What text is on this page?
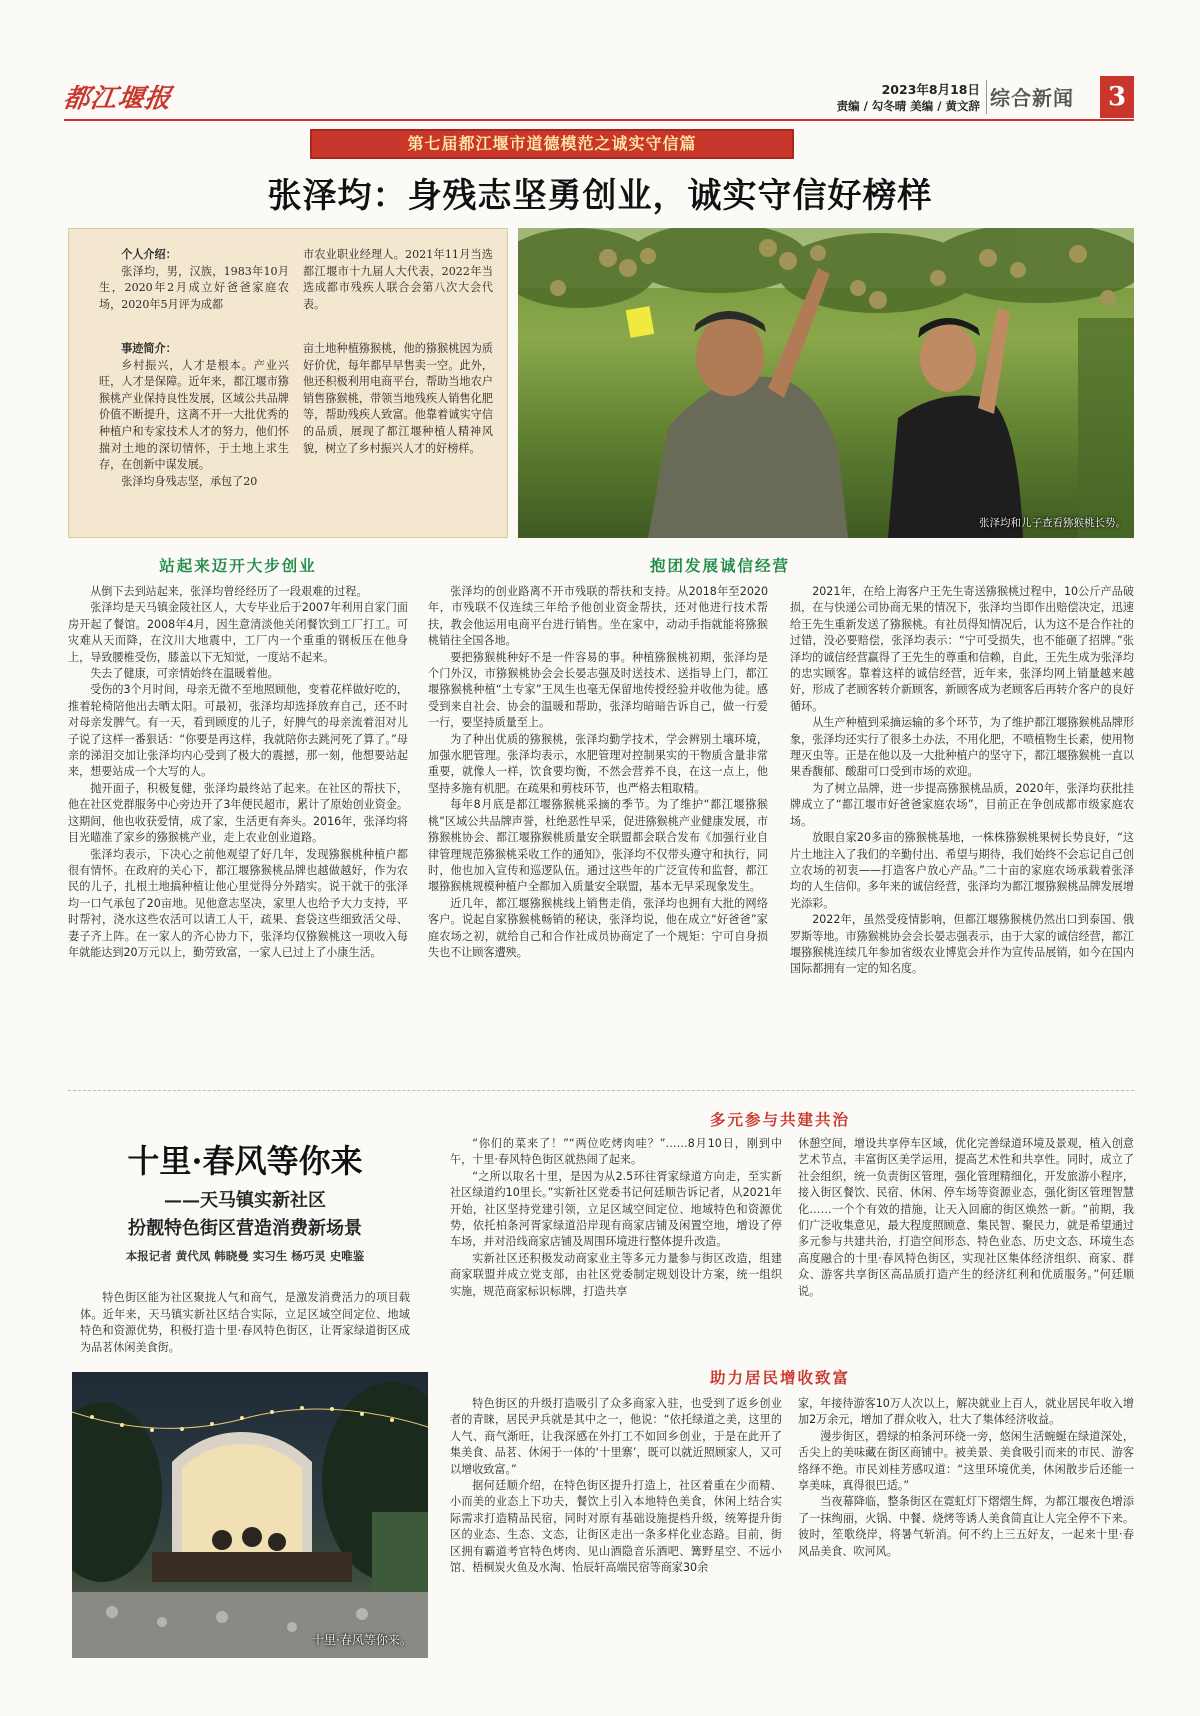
都江堰报	2023年8月18日
责编 / 勾冬晴 美编 / 黄文辞 综合新闻	3
第七届都江堰市道德模范之诚实守信篇
张泽均：身残志坚勇创业，诚实守信好榜样
个人介绍：

张泽均，男，汉族，1983年10月生，2020年2月成立好爸爸家庭农场，2020年5月评为成都

市农业职业经理人。2021年11月当选都江堰市十九届人大代表，2022年当选成都市残疾人联合会第八次大会代表。

事迹简介：

乡村振兴，人才是根本。产业兴旺，人才是保障。近年来，都江堰市猕猴桃产业保持良性发展，区域公共品牌价值不断提升，这离不开一大批优秀的种植户和专家技术人才的努力，他们怀揣对土地的深切情怀，于土地上求生存，在创新中谋发展。

张泽均身残志坚，承包了20

亩土地种植猕猴桃，他的猕猴桃因为质好价优，每年都早早售卖一空。此外，他还积极利用电商平台，帮助当地农户销售猕猴桃，带领当地残疾人销售化肥等，帮助残疾人致富。他靠着诚实守信的品质，展现了都江堰种植人精神风貌，树立了乡村振兴人才的好榜样。

张泽均和儿子查看猕猴桃长势。
站起来迈开大步创业

从倒下去到站起来，张泽均曾经经历了一段艰难的过程。

张泽均是天马镇金陵社区人，大专毕业后于2007年利用自家门面房开起了餐馆。2008年4月，因生意清淡他关闭餐饮到工厂打工。可灾难从天而降，在汶川大地震中，工厂内一个重重的钢板压在他身上，导致腰椎受伤，膝盖以下无知觉，一度站不起来。

失去了健康，可亲情始终在温暖着他。

受伤的3个月时间，母亲无微不至地照顾他，变着花样做好吃的，推着轮椅陪他出去晒太阳。可最初，张泽均却选择放弃自己，还不时对母亲发脾气。有一天，看到顾度的儿子，好脾气的母亲流着泪对儿子说了这样一番狠话：“你要是再这样，我就陪你去跳河死了算了。”母亲的涕泪交加让张泽均内心受到了极大的震撼，那一刻，他想要站起来，想要站成一个大写的人。

抛开面子，积极复健，张泽均最终站了起来。在社区的帮扶下，他在社区党群服务中心旁边开了3年便民超市，累计了原始创业资金。这期间，他也收获爱情，成了家，生活更有奔头。2016年，张泽均将目光瞄准了家乡的猕猴桃产业，走上农业创业道路。

张泽均表示，下决心之前他观望了好几年，发现猕猴桃种植户都很有情怀。在政府的关心下，都江堰猕猴桃品牌也越做越好，作为农民的儿子，扎根土地搞种植让他心里觉得分外踏实。说干就干的张泽均一口气承包了20亩地。见他意志坚决，家里人也给予大力支持，平时帮衬，浇水这些农活可以请工人干，疏果、套袋这些细致活父母、妻子齐上阵。在一家人的齐心协力下，张泽均仅猕猴桃这一项收入每年就能达到20万元以上，勤劳致富，一家人已过上了小康生活。

张泽均的创业路离不开市残联的帮扶和支持。从2018年至2020年，市残联不仅连续三年给予他创业资金帮扶，还对他进行技术帮扶，教会他运用电商平台进行销售。坐在家中，动动手指就能将猕猴桃销往全国各地。

要把猕猴桃种好不是一件容易的事。种植猕猴桃初期，张泽均是个门外汉，市猕猴桃协会会长晏志强及时送技术、送指导上门，都江堰猕猴桃种植“土专家”王凤生也毫无保留地传授经验并收他为徒。感受到来自社会、协会的温暖和帮助，张泽均暗暗告诉自己，做一行爱一行，要坚持质量至上。

为了种出优质的猕猴桃，张泽均勤学技术，学会辨别土壤环境，加强水肥管理。张泽均表示，水肥管理对控制果实的干物质含量非常重要，就像人一样，饮食要均衡，不然会营养不良，在这一点上，他坚持多施有机肥。在疏果和剪枝环节，也严格去粗取精。

每年8月底是都江堰猕猴桃采摘的季节。为了维护“都江堰猕猴桃”区域公共品牌声誉，杜绝恶性早采，促进猕猴桃产业健康发展，市猕猴桃协会、都江堰猕猴桃质量安全联盟都会联合发布《加强行业自律管理规范猕猴桃采收工作的通知》，张泽均不仅带头遵守和执行，同时，他也加入宣传和巡逻队伍。通过这些年的广泛宣传和监督，都江堰猕猴桃规模种植户全都加入质量安全联盟，基本无早采现象发生。

近几年，都江堰猕猴桃线上销售走俏，张泽均也拥有大批的网络客户。说起自家猕猴桃畅销的秘诀，张泽均说，他在成立“好爸爸”家庭农场之初，就给自己和合作社成员协商定了一个规矩：宁可自身损失也不让顾客遭殃。

抱团发展诚信经营

2021年，在给上海客户王先生寄送猕猴桃过程中，10公斤产品破损，在与快递公司协商无果的情况下，张泽均当即作出赔偿决定，迅速给王先生重新发送了猕猴桃。有社员得知情况后，认为这不是合作社的过错，没必要赔偿，张泽均表示：“宁可受损失，也不能砸了招牌。”张泽均的诚信经营赢得了王先生的尊重和信赖，自此，王先生成为张泽均的忠实顾客。靠着这样的诚信经营，近年来，张泽均网上销量越来越好，形成了老顾客转介新顾客，新顾客成为老顾客后再转介客户的良好循环。

从生产种植到采摘运输的多个环节，为了维护都江堰猕猴桃品牌形象，张泽均还实行了很多土办法，不用化肥，不喷植物生长素，使用物理灭虫等。正是在他以及一大批种植户的坚守下，都江堰猕猴桃一直以果香馥郁、酸甜可口受到市场的欢迎。

为了树立品牌，进一步提高猕猴桃品质，2020年，张泽均获批挂牌成立了“都江堰市好爸爸家庭农场”，目前正在争创成都市级家庭农场。

放眼自家20多亩的猕猴桃基地，一株株猕猴桃果树长势良好，“这片土地注入了我们的辛勤付出、希望与期待，我们始终不会忘记自己创立农场的初衷——打造客户放心产品。”二十亩的家庭农场承载着张泽均的人生信仰。多年来的诚信经营，张泽均为都江堰猕猴桃品牌发展增光添彩。

2022年，虽然受疫情影响，但都江堰猕猴桃仍然出口到泰国、俄罗斯等地。市猕猴桃协会会长晏志强表示，由于大家的诚信经营，都江堰猕猴桃连续几年参加省级农业博览会并作为宣传品展销，如今在国内国际都拥有一定的知名度。

十里·春风等你来
——天马镇实新社区
扮靓特色街区营造消费新场景
本报记者 黄代凤 韩晓曼 实习生 杨巧灵 史唯鉴

特色街区能为社区聚拢人气和商气，是激发消费活力的项目载体。近年来，天马镇实新社区结合实际，立足区域空间定位、地域特色和资源优势，积极打造十里·春风特色街区，让胥家绿道街区成为品茗休闲美食街。

十里·春风等你来。
多元参与共建共治

“你们的菜来了！”“两位吃烤肉哇？”……8月10日，刚到中午，十里·春风特色街区就热闹了起来。

“之所以取名十里，是因为从2.5环往胥家绿道方向走，至实新社区绿道约10里长。”实新社区党委书记何廷顺告诉记者，从2021年开始，社区坚持党建引领，立足区域空间定位、地域特色和资源优势，依托柏条河胥家绿道沿岸现有商家店铺及闲置空地，增设了停车场，并对沿线商家店铺及周围环境进行整体提升改造。

实新社区还积极发动商家业主等多元力量参与街区改造，组建商家联盟并成立党支部，由社区党委制定规划设计方案，统一组织实施，规范商家标识标牌，打造共享

休憩空间，增设共享停车区域，优化完善绿道环境及景观，植入创意艺术节点，丰富街区美学运用，提高艺术性和共享性。同时，成立了社会组织，统一负责街区管理，强化管理精细化，开发旅游小程序，接入街区餐饮、民宿、休闲、停车场等资源业态，强化街区管理智慧化……一个个有效的措施，让天入回廊的街区焕然一新。“前期，我们广泛收集意见，最大程度照顾意、集民智、聚民力，就是希望通过多元参与共建共治，打造空间形态、特色业态、历史文态、环境生态高度融合的十里·春风特色街区，实现社区集体经济组织、商家、群众、游客共享街区高品质打造产生的经济红利和优质服务。”何廷顺说。

助力居民增收致富

特色街区的升级打造吸引了众多商家入驻，也受到了返乡创业者的青睐，居民尹兵就是其中之一，他说：“依托绿道之美，这里的人气、商气渐旺，让我深感在外打工不如回乡创业，于是在此开了集美食、品茗、休闲于一体的‘十里寨’，既可以就近照顾家人，又可以增收致富。”

据何廷顺介绍，在特色街区提升打造上，社区着重在少而精、小而美的业态上下功夫，餐饮上引入本地特色美食，休闲上结合实际需求打造精品民宿，同时对原有基础设施提档升级，统筹提升街区的业态、生态、文态，让街区走出一条多样化业态路。目前，街区拥有霸道考官特色烤肉、见山酒隐音乐酒吧、篝野星空、不远小馆、梧桐炭火鱼及水淘、怡辰轩高端民宿等商家30余

家，年接待游客10万人次以上，解决就业上百人，就业居民年收入增加2万余元，增加了群众收入，壮大了集体经济收益。

漫步街区，碧绿的柏条河环绕一旁，悠闲生活蜿蜒在绿道深处，舌尖上的美味藏在街区商铺中。被美景、美食吸引而来的市民、游客络绎不绝。市民刘桂芳感叹道：“这里环境优美，休闲散步后还能一享美味，真得很巴适。”

当夜幕降临，整条街区在霓虹灯下熠熠生辉，为都江堰夜色增添了一抹绚丽，火锅、中餐、烧烤等诱人美食简直让人完全停不下来。彼时，笙歌绕岸，将暑气斩消。何不约上三五好友，一起来十里·春风品美食、吹河风。
